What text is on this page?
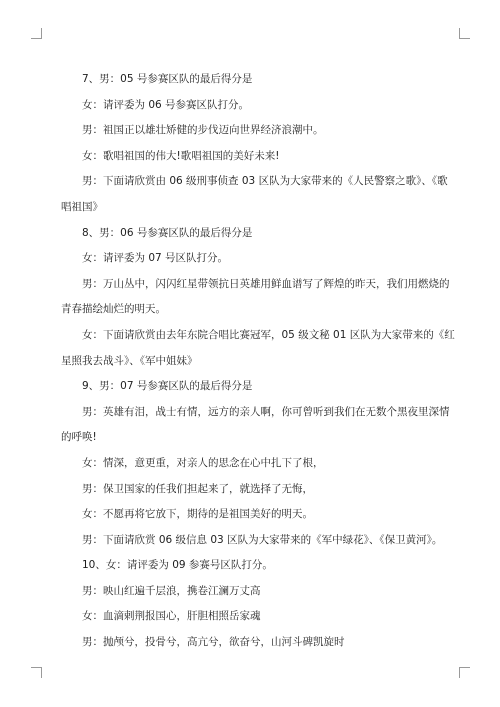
7、男：05 号参赛区队的最后得分是

女：请评委为 06 号参赛区队打分。

男：祖国正以雄壮矫健的步伐迈向世界经济浪潮中。

女：歌唱祖国的伟大!歌唱祖国的美好未来!

男：下面请欣赏由 06 级刑事侦查 03 区队为大家带来的《人民警察之歌》、《歌

唱祖国》

8、男：06 号参赛区队的最后得分是

女：请评委为 07 号区队打分。

男：万山丛中，闪闪红星带领抗日英雄用鲜血谱写了辉煌的昨天，我们用燃烧的

青春描绘灿烂的明天。

女：下面请欣赏由去年东院合唱比赛冠军，05 级文秘 01 区队为大家带来的《红

星照我去战斗》、《军中姐妹》

9、男：07 号参赛区队的最后得分是

男：英雄有泪，战士有情，远方的亲人啊，你可曾听到我们在无数个黑夜里深情

的呼唤!

女：情深，意更重，对亲人的思念在心中扎下了根，

男：保卫国家的任我们担起来了，就选择了无悔，

女：不愿再将它放下，期待的是祖国美好的明天。

男：下面请欣赏 06 级信息 03 区队为大家带来的《军中绿花》、《保卫黄河》。

10、女：请评委为 09 参赛号区队打分。

男：映山红遍千层浪，携卷江澜万丈高

女：血滴剌荆报国心，肝胆相照岳家魂

男：抛颅兮，投骨兮，高亢兮，欲奋兮，山河斗碑凯旋时
